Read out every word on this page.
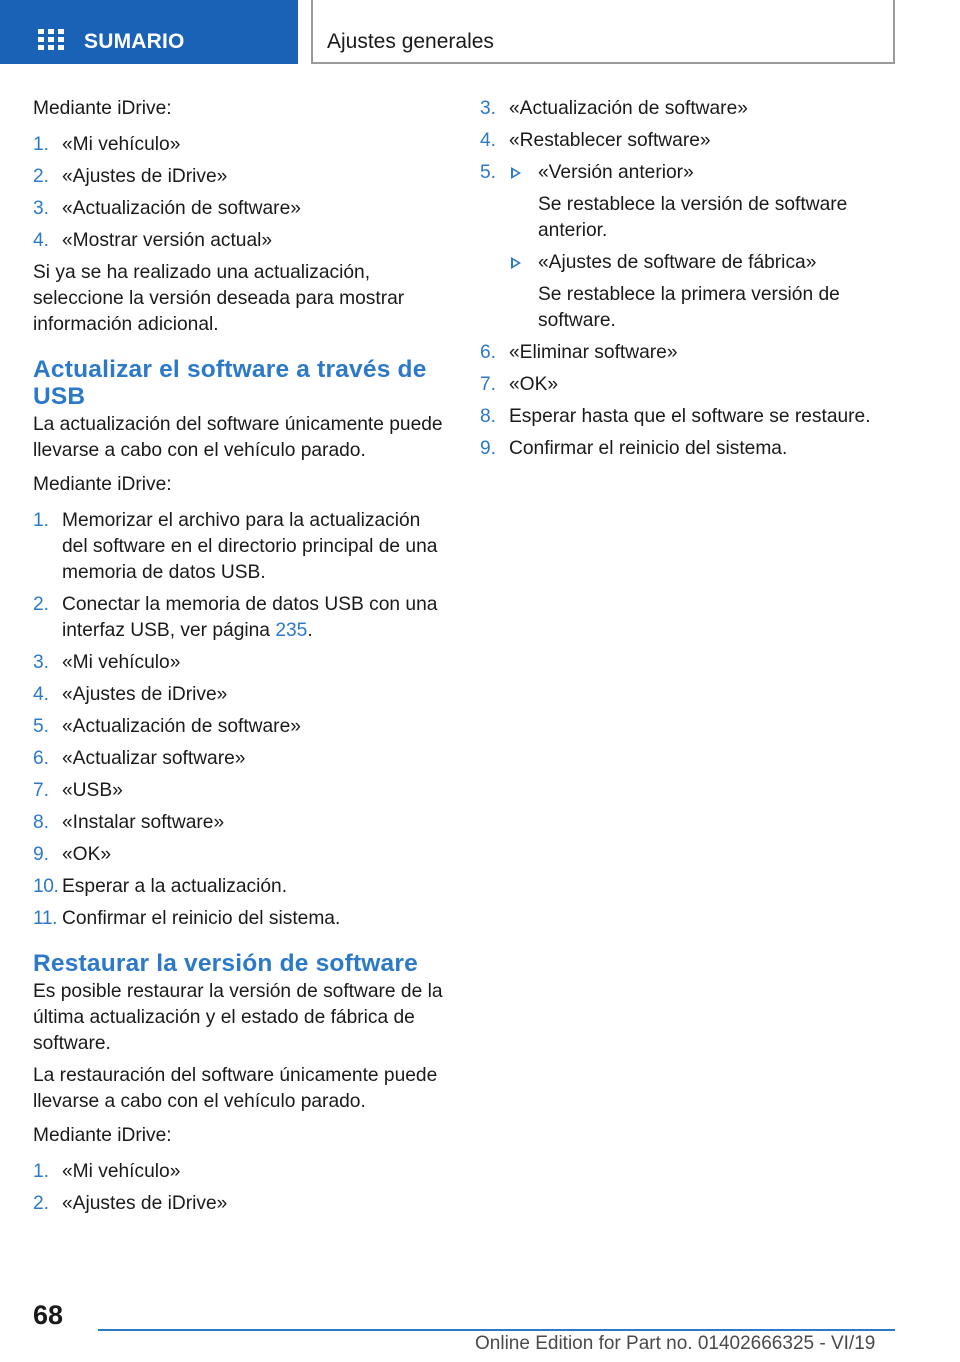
SUMARIO	Ajustes generales

Mediante iDrive:

1. «Mi vehículo»
2. «Ajustes de iDrive»
3. «Actualización de software»
4. «Mostrar versión actual»

Si ya se ha realizado una actualización, seleccione la versión deseada para mostrar información adicional.

Actualizar el software a través de USB

La actualización del software únicamente puede llevarse a cabo con el vehículo parado.

Mediante iDrive:

1. Memorizar el archivo para la actualización del software en el directorio principal de una memoria de datos USB.
2. Conectar la memoria de datos USB con una interfaz USB, ver página 235.
3. «Mi vehículo»
4. «Ajustes de iDrive»
5. «Actualización de software»
6. «Actualizar software»
7. «USB»
8. «Instalar software»
9. «OK»
10. Esperar a la actualización.
11. Confirmar el reinicio del sistema.
Restaurar la versión de software

Es posible restaurar la versión de software de la última actualización y el estado de fábrica de software.

La restauración del software únicamente puede llevarse a cabo con el vehículo parado.

Mediante iDrive:

1. «Mi vehículo»
2. «Ajustes de iDrive»
3. «Actualización de software»
4. «Restablecer software»
5.	«Versión anterior»
Se restablece la versión de software anterior.
«Ajustes de software de fábrica»
Se restablece la primera versión de software.
6. «Eliminar software»
7. «OK»
8. Esperar hasta que el software se restaure.
9. Confirmar el reinicio del sistema.
68
Online Edition for Part no. 01402666325 - VI/19
